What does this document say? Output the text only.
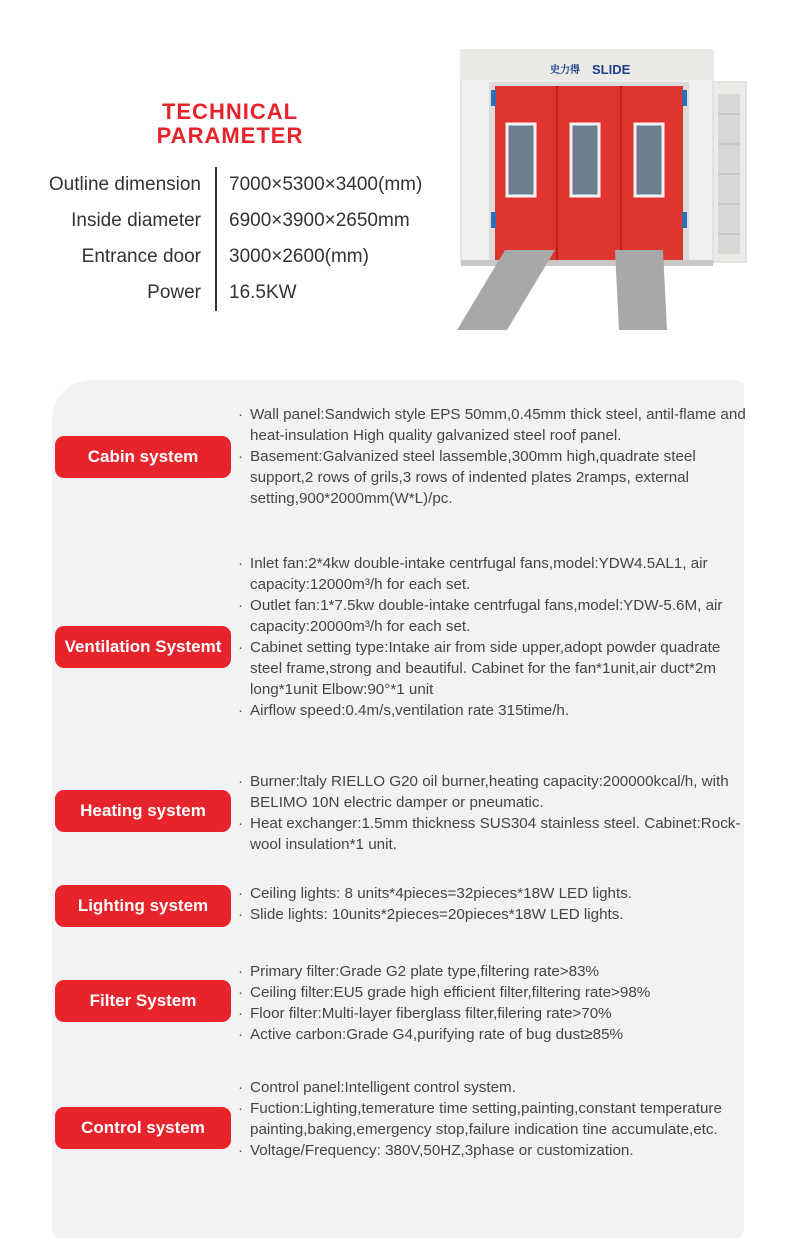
TECHNICAL
PARAMETER
Outline dimension	7000×5300×3400(mm)
Inside diameter	6900×3900×2650mm
Entrance door	3000×2600(mm)
Power	16.5KW
史力得 SLIDE
Cabin system
· Wall panel:Sandwich style EPS 50mm,0.45mm thick steel, antil-flame and heat-insulation High quality galvanized steel roof panel.
· Basement:Galvanized steel lassemble,300mm high,quadrate steel support,2 rows of grils,3 rows of indented plates 2ramps, external setting,900*2000mm(W*L)/pc.
Ventilation Systemt
· Inlet fan:2*4kw double-intake centrfugal fans,model:YDW4.5AL1, air capacity:12000m³/h for each set.
· Outlet fan:1*7.5kw double-intake centrfugal fans,model:YDW-5.6M, air capacity:20000m³/h for each set.
· Cabinet setting type:Intake air from side upper,adopt powder quadrate steel frame,strong and beautiful. Cabinet for the fan*1unit,air duct*2m long*1unit Elbow:90°*1 unit
· Airflow speed:0.4m/s,ventilation rate 315time/h.
Heating system
· Burner:ltaly RIELLO G20 oil burner,heating capacity:200000kcal/h, with BELIMO 10N electric damper or pneumatic.
· Heat exchanger:1.5mm thickness SUS304 stainless steel. Cabinet:Rock-wool insulation*1 unit.
Lighting system
· Ceiling lights: 8 units*4pieces=32pieces*18W LED lights.
· Slide lights: 10units*2pieces=20pieces*18W LED lights.
Filter System
· Primary filter:Grade G2 plate type,filtering rate>83%
· Ceiling filter:EU5 grade high efficient filter,filtering rate>98%
· Floor filter:Multi-layer fiberglass filter,filering rate>70%
· Active carbon:Grade G4,purifying rate of bug dust≥85%
Control system
· Control panel:Intelligent control system.
· Fuction:Lighting,temerature time setting,painting,constant temperature painting,baking,emergency stop,failure indication tine accumulate,etc.
· Voltage/Frequency: 380V,50HZ,3phase or customization.
